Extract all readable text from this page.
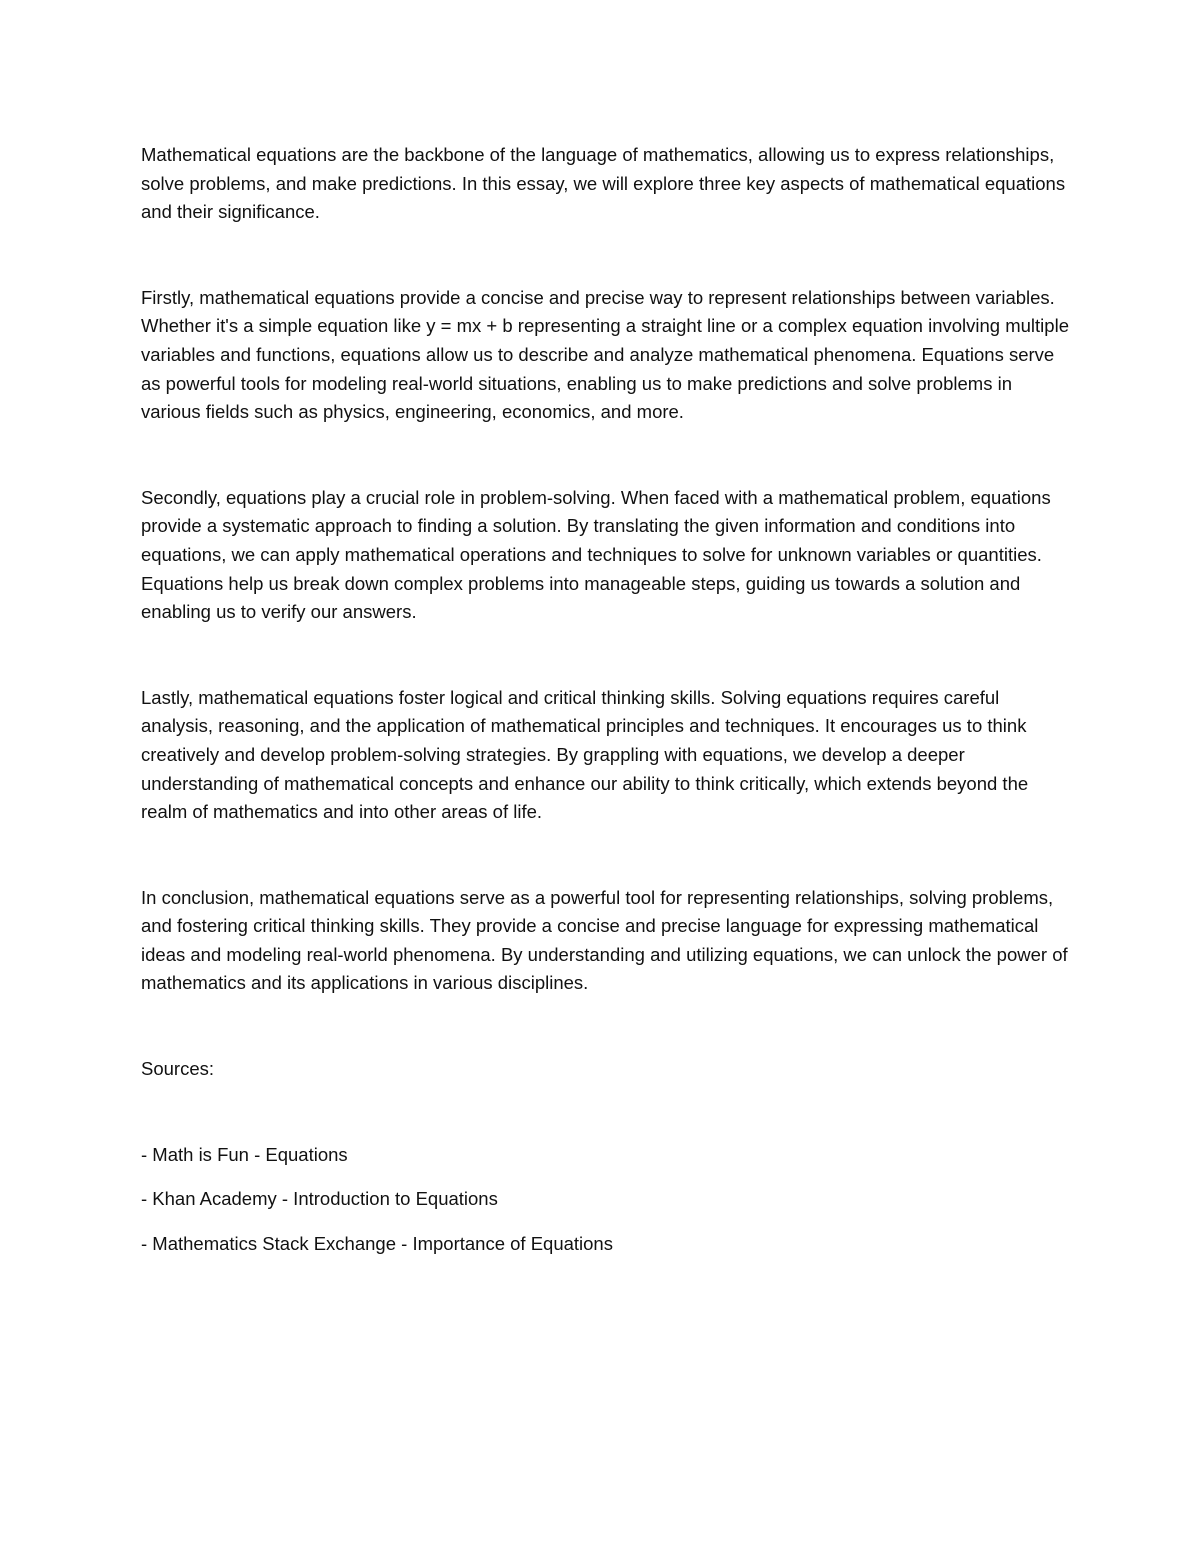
Mathematical equations are the backbone of the language of mathematics, allowing us to express relationships, solve problems, and make predictions. In this essay, we will explore three key aspects of mathematical equations and their significance.

Firstly, mathematical equations provide a concise and precise way to represent relationships between variables. Whether it's a simple equation like y = mx + b representing a straight line or a complex equation involving multiple variables and functions, equations allow us to describe and analyze mathematical phenomena. Equations serve as powerful tools for modeling real-world situations, enabling us to make predictions and solve problems in various fields such as physics, engineering, economics, and more.

Secondly, equations play a crucial role in problem-solving. When faced with a mathematical problem, equations provide a systematic approach to finding a solution. By translating the given information and conditions into equations, we can apply mathematical operations and techniques to solve for unknown variables or quantities. Equations help us break down complex problems into manageable steps, guiding us towards a solution and enabling us to verify our answers.

Lastly, mathematical equations foster logical and critical thinking skills. Solving equations requires careful analysis, reasoning, and the application of mathematical principles and techniques. It encourages us to think creatively and develop problem-solving strategies. By grappling with equations, we develop a deeper understanding of mathematical concepts and enhance our ability to think critically, which extends beyond the realm of mathematics and into other areas of life.

In conclusion, mathematical equations serve as a powerful tool for representing relationships, solving problems, and fostering critical thinking skills. They provide a concise and precise language for expressing mathematical ideas and modeling real-world phenomena. By understanding and utilizing equations, we can unlock the power of mathematics and its applications in various disciplines.

Sources:

- Math is Fun - Equations

- Khan Academy - Introduction to Equations

- Mathematics Stack Exchange - Importance of Equations
